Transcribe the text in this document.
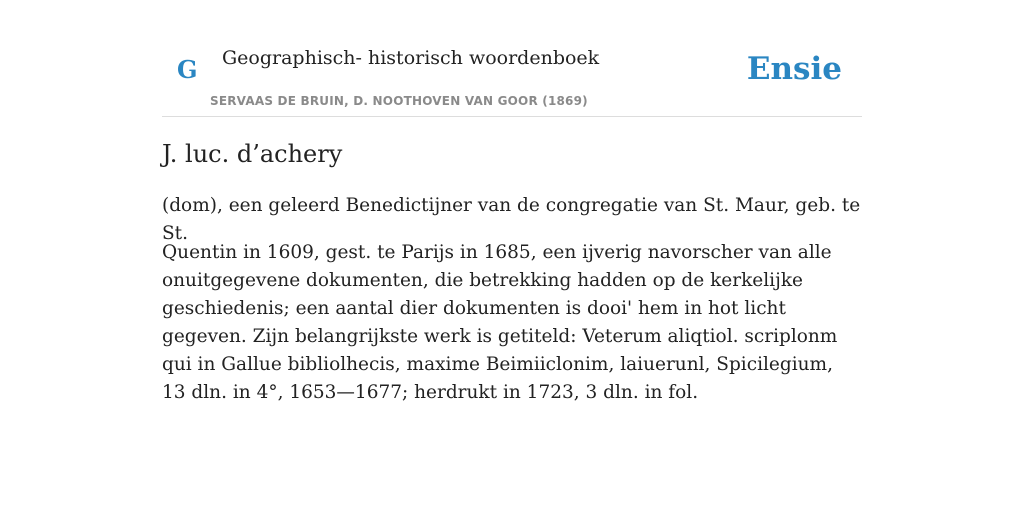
G Geographisch- historisch woordenboek
SERVAAS DE BRUIN, D. NOOTHOVEN VAN GOOR (1869)
Ensie
J. luc. d’achery

(dom), een geleerd Benedictijner van de congregatie van St. Maur, geb. te St.

Quentin in 1609, gest. te Parijs in 1685, een ijverig navorscher van alle onuitgegevene dokumenten, die betrekking hadden op de kerkelijke geschiedenis; een aantal dier dokumenten is dooi' hem in hot licht gegeven. Zijn belangrijkste werk is getiteld: Veterum aliqtiol. scriplonm qui in Gallue bibliolhecis, maxime Beimiiclonim, laiuerunl, Spicilegium, 13 dln. in 4°, 1653—1677; herdrukt in 1723, 3 dln. in fol.
